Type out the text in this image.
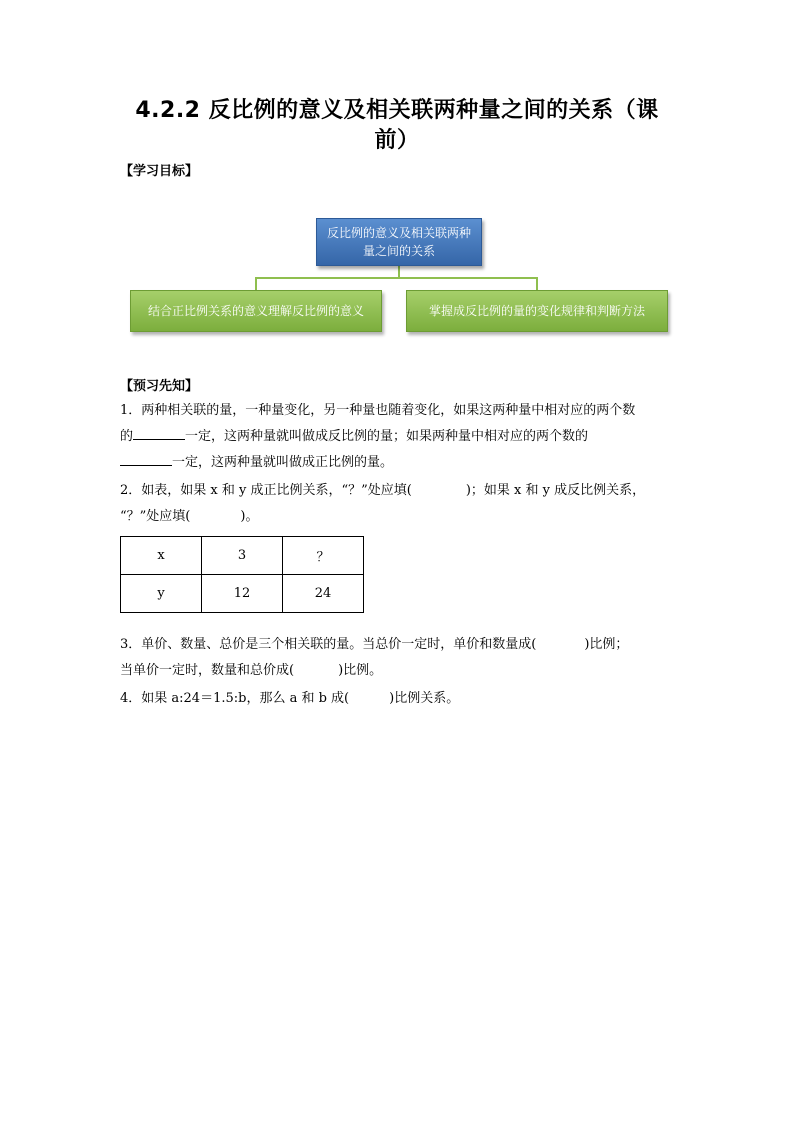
4.2.2 反比例的意义及相关联两种量之间的关系（课
前）
【学习目标】
反比例的意义及相关联两种
量之间的关系
结合正比例关系的意义理解反比例的意义	掌握成反比例的量的变化规律和判断方法
【预习先知】
1．两种相关联的量，一种量变化，另一种量也随着变化，如果这两种量中相对应的两个数
的	一定，这两种量就叫做成反比例的量；如果两种量中相对应的两个数的
一定，这两种量就叫做成正比例的量。
2．如表，如果 x 和 y 成正比例关系，“？”处应填(	)；如果 x 和 y 成反比例关系，
“？”处应填(	)。
x	3	？
y	12	24
3．单价、数量、总价是三个相关联的量。当总价一定时，单价和数量成(	)比例；
当单价一定时，数量和总价成(	)比例。
4．如果 a:24＝1.5:b，那么 a 和 b 成(	)比例关系。
